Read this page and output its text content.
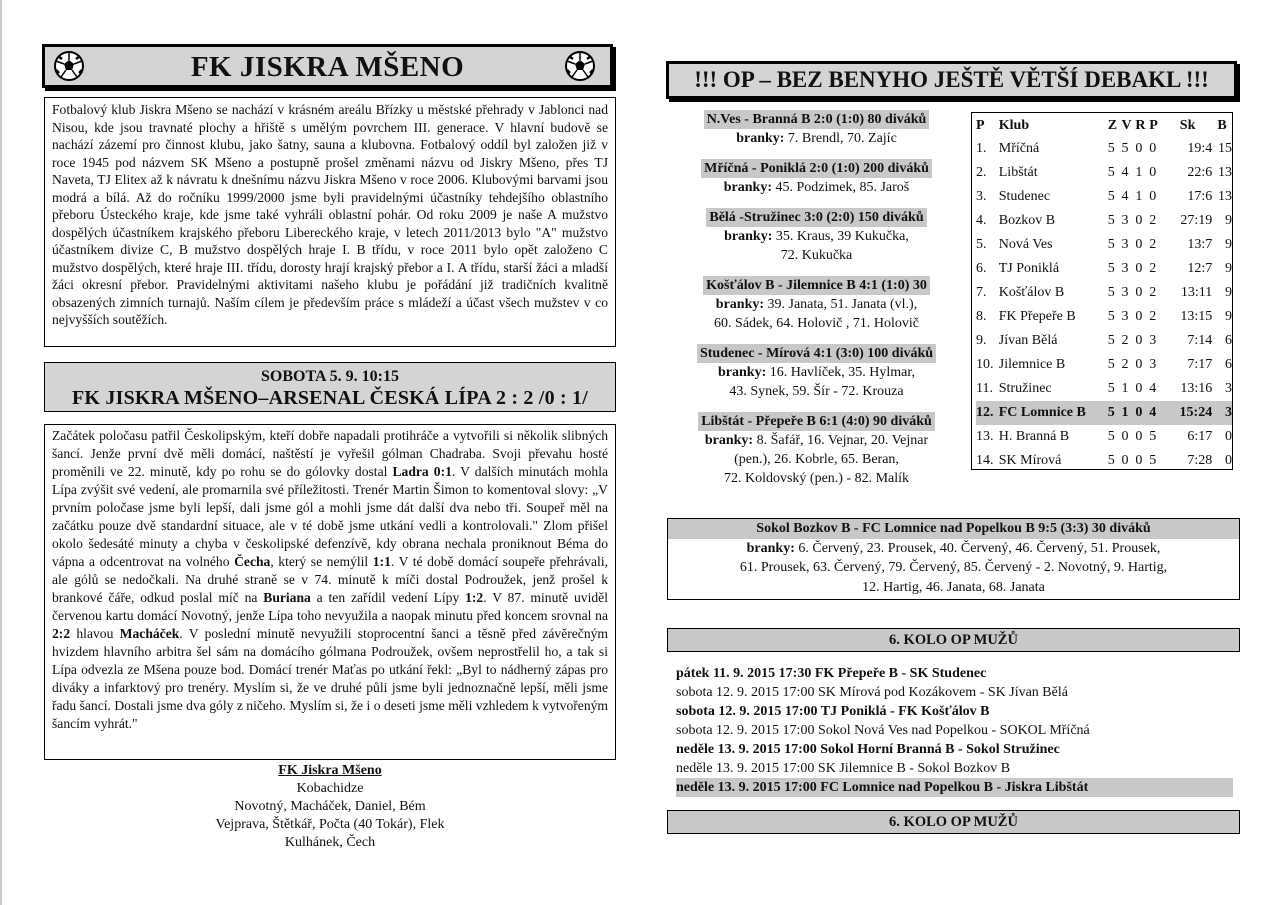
FK JISKRA MŠENO
Fotbalový klub Jiskra Mšeno se nachází v krásném areálu Břízky u městské přehrady v Jablonci nad Nisou, kde jsou travnaté plochy a hřiště s umělým povrchem III. generace. V hlavní budově se nachází zázemí pro činnost klubu, jako šatny, sauna a klubovna. Fotbalový oddíl byl založen již v roce 1945 pod názvem SK Mšeno a postupně prošel změnami názvu od Jiskry Mšeno, přes TJ Naveta, TJ Elitex až k návratu k dnešnímu názvu Jiskra Mšeno v roce 2006. Klubovými barvami jsou modrá a bílá. Až do ročníku 1999/2000 jsme byli pravidelnými účastníky tehdejšího oblastního přeboru Ústeckého kraje, kde jsme také vyhráli oblastní pohár. Od roku 2009 je naše A mužstvo dospělých účastníkem krajského přeboru Libereckého kraje, v letech 2011/2013 bylo "A" mužstvo účastníkem divize C, B mužstvo dospělých hraje I. B třídu, v roce 2011 bylo opět založeno C mužstvo dospělých, které hraje III. třídu, dorosty hrají krajský přebor a I. A třídu, starší žáci a mladší žáci okresní přebor. Pravidelnými aktivitami našeho klubu je pořádání již tradičních kvalitně obsazených zimních turnajů. Naším cílem je především práce s mládeží a účast všech mužstev v co nejvyšších soutěžích.
SOBOTA 5. 9. 10:15
FK JISKRA MŠENO–ARSENAL ČESKÁ LÍPA 2 : 2 /0 : 1/
Začátek poločasu patřil Českolipským, kteří dobře napadali protihráče a vytvořili si několik slibných šancí. Jenže první dvě měli domácí, naštěstí je vyřešil gólman Chadraba. Svoji převahu hosté proměnili ve 22. minutě, kdy po rohu se do gólovky dostal Ladra 0:1. V dalších minutách mohla Lípa zvýšit své vedení, ale promarnila své příležitosti. Trenér Martin Šimon to komentoval slovy: „V prvním poločase jsme byli lepší, dali jsme gól a mohli jsme dát další dva nebo tři. Soupeř měl na začátku pouze dvě standardní situace, ale v té době jsme utkání vedli a kontrolovali." Zlom přišel okolo šedesáté minuty a chyba v českolipské defenzívě, kdy obrana nechala proniknout Béma do vápna a odcentrovat na volného Čecha, který se nemýlil 1:1. V té době domácí soupeře přehrávali, ale gólů se nedočkali. Na druhé straně se v 74. minutě k míči dostal Podroužek, jenž prošel k brankové čáře, odkud poslal míč na Buriana a ten zařídil vedení Lípy 1:2. V 87. minutě uviděl červenou kartu domácí Novotný, jenže Lípa toho nevyužila a naopak minutu před koncem srovnal na 2:2 hlavou Macháček. V poslední minutě nevyužili stoprocentní šanci a těsně před závěrečným hvizdem hlavního arbitra šel sám na domácího gólmana Podroužek, ovšem neprostřelil ho, a tak si Lípa odvezla ze Mšena pouze bod. Domácí trenér Maťas po utkání řekl: „Byl to nádherný zápas pro diváky a infarktový pro trenéry. Myslím si, že ve druhé půli jsme byli jednoznačně lepší, měli jsme řadu šancí. Dostali jsme dva góly z ničeho. Myslím si, že i o deseti jsme měli vzhledem k vytvořeným šancím vyhrát."
FK Jiskra Mšeno
Kobachidze
Novotný, Macháček, Daniel, Bém
Vejprava, Štětkář, Počta (40 Tokár), Flek
Kulhánek, Čech
!!! OP – BEZ BENYHO JEŠTĚ VĚTŠÍ DEBAKL !!!
N.Ves - Branná B 2:0 (1:0) 80 diváků
branky: 7. Brendl, 70. Zajíc
Mříčná - Poniklá 2:0 (1:0) 200 diváků
branky: 45. Podzimek, 85. Jaroš
Bělá -Stružinec 3:0 (2:0) 150 diváků
branky: 35. Kraus, 39 Kukučka,
72. Kukučka
Košťálov B - Jilemnice B 4:1 (1:0) 30
branky: 39. Janata, 51. Janata (vl.),
60. Sádek, 64. Holovič , 71. Holovič
Studenec - Mírová 4:1 (3:0) 100 diváků
branky: 16. Havlíček, 35. Hylmar,
43. Synek, 59. Šír - 72. Krouza
Libštát - Přepeře B 6:1 (4:0) 90 diváků
branky: 8. Šafář, 16. Vejnar, 20. Vejnar
(pen.), 26. Kobrle, 65. Beran,
72. Koldovský (pen.) - 82. Malík
P	Klub	Z	V	R	P	Sk	B
1.	Mříčná	5	5	0	0	19:4	15
2.	Libštát	5	4	1	0	22:6	13
3.	Studenec	5	4	1	0	17:6	13
4.	Bozkov B	5	3	0	2	27:19	9
5.	Nová Ves	5	3	0	2	13:7	9
6.	TJ Poniklá	5	3	0	2	12:7	9
7.	Košťálov B	5	3	0	2	13:11	9
8.	FK Přepeře B	5	3	0	2	13:15	9
9.	Jívan Bělá	5	2	0	3	7:14	6
10.	Jilemnice B	5	2	0	3	7:17	6
11.	Stružinec	5	1	0	4	13:16	3
12.	FC Lomnice B	5	1	0	4	15:24	3
13.	H. Branná B	5	0	0	5	6:17	0
14.	SK Mírová	5	0	0	5	7:28	0
Sokol Bozkov B - FC Lomnice nad Popelkou B 9:5 (3:3) 30 diváků
branky: 6. Červený, 23. Prousek, 40. Červený, 46. Červený, 51. Prousek,
61. Prousek, 63. Červený, 79. Červený, 85. Červený - 2. Novotný, 9. Hartig,
12. Hartig, 46. Janata, 68. Janata
6. KOLO OP MUŽŮ
pátek 11. 9. 2015 17:30 FK Přepeře B - SK Studenec
sobota 12. 9. 2015 17:00 SK Mírová pod Kozákovem - SK Jívan Bělá
sobota 12. 9. 2015 17:00 TJ Poniklá - FK Košťálov B
sobota 12. 9. 2015 17:00 Sokol Nová Ves nad Popelkou - SOKOL Mříčná
neděle 13. 9. 2015 17:00 Sokol Horní Branná B - Sokol Stružinec
neděle 13. 9. 2015 17:00 SK Jilemnice B - Sokol Bozkov B
neděle 13. 9. 2015 17:00 FC Lomnice nad Popelkou B - Jiskra Libštát
6. KOLO OP MUŽŮ
